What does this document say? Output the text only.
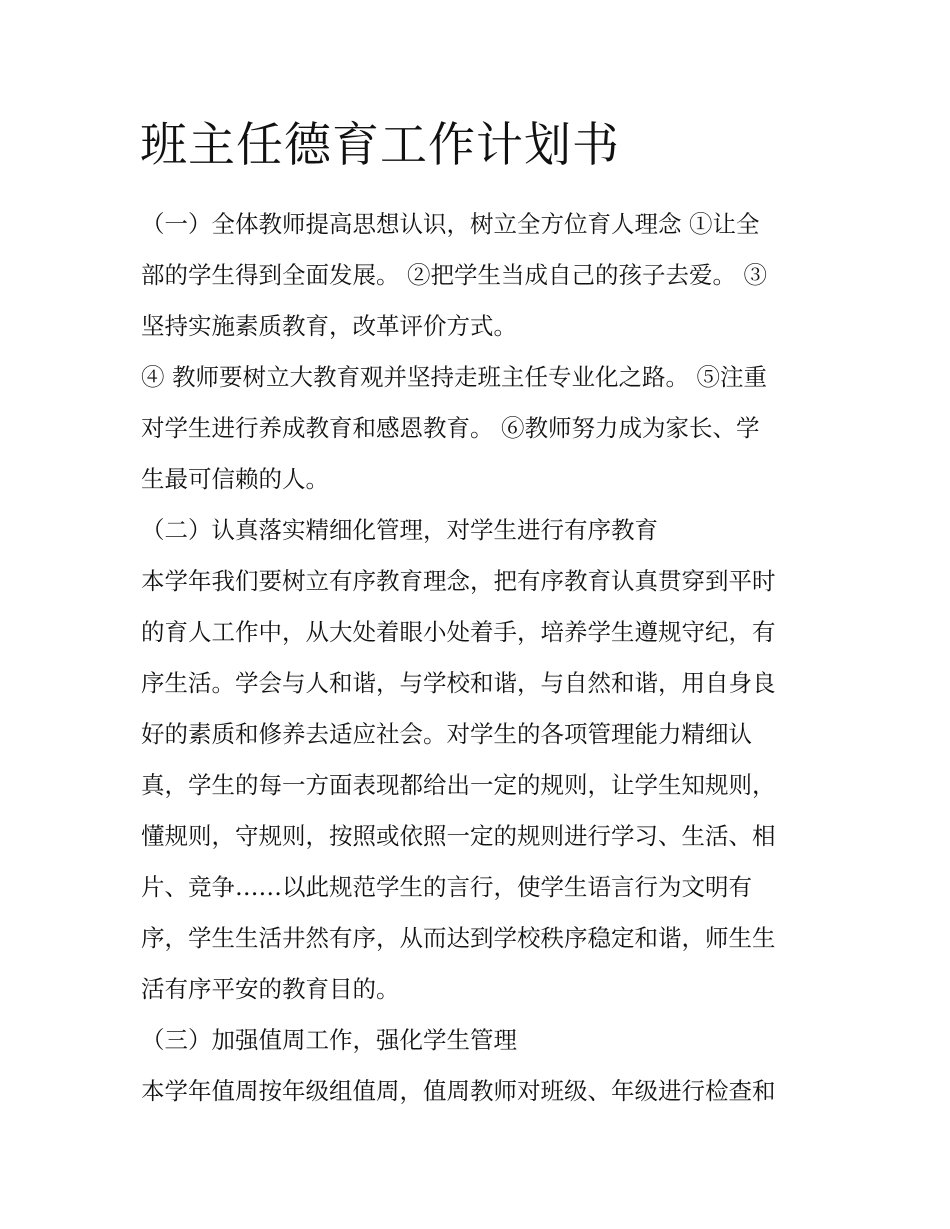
班主任德育工作计划书
（一）全体教师提高思想认识，树立全方位育人理念 ①让全
部的学生得到全面发展。 ②把学生当成自己的孩子去爱。 ③
坚持实施素质教育，改革评价方式。
④ 教师要树立大教育观并坚持走班主任专业化之路。 ⑤注重
对学生进行养成教育和感恩教育。 ⑥教师努力成为家长、学
生最可信赖的人。
（二）认真落实精细化管理，对学生进行有序教育
本学年我们要树立有序教育理念，把有序教育认真贯穿到平时
的育人工作中，从大处着眼小处着手，培养学生遵规守纪，有
序生活。学会与人和谐，与学校和谐，与自然和谐，用自身良
好的素质和修养去适应社会。对学生的各项管理能力精细认
真，学生的每一方面表现都给出一定的规则，让学生知规则，
懂规则，守规则，按照或依照一定的规则进行学习、生活、相
片、竞争……以此规范学生的言行，使学生语言行为文明有
序，学生生活井然有序，从而达到学校秩序稳定和谐，师生生
活有序平安的教育目的。
（三）加强值周工作，强化学生管理
本学年值周按年级组值周，值周教师对班级、年级进行检查和
